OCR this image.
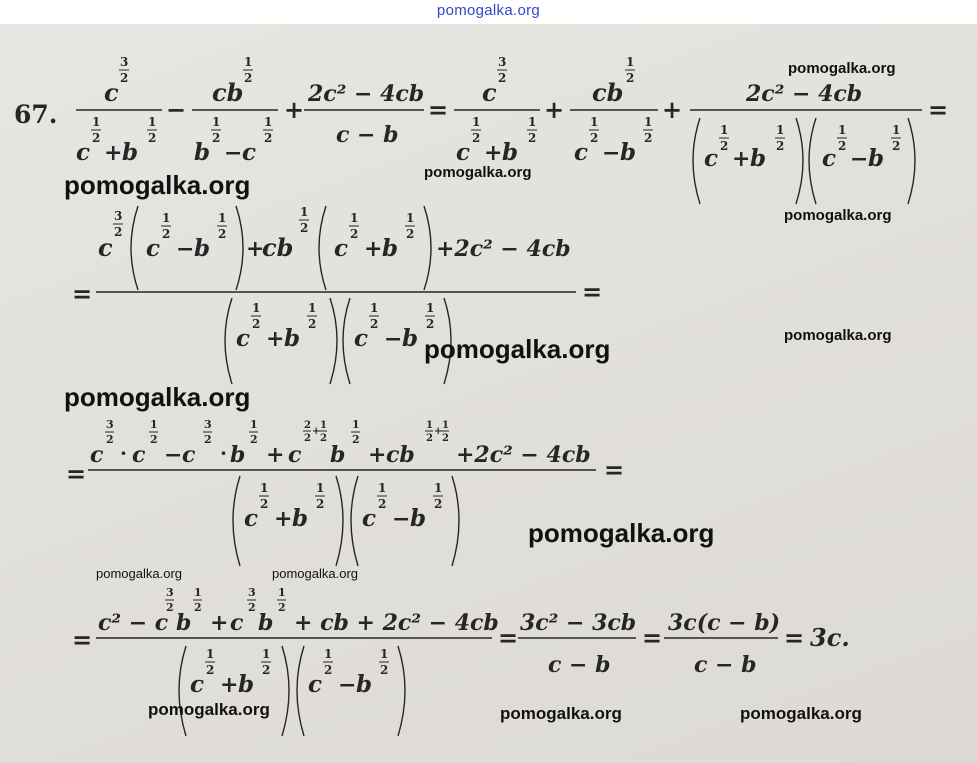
pomogalka.org
67.
c
3
2
c
1
2
+ b
1
2
−
cb
1
2
b
1
2
− c
1
2
+
2c² − 4cb
c − b
=
c
3
2
c
1
2
+ b
1
2
+
cb
1
2
c
1
2
− b
1
2
+
2c² − 4cb
c
1
2 + b
1
2 c
1
2 − b
1
2
=
=
c
3
2
c
1
2
− b
1
2
+
cb
1
2
c
1
2
+ b
1
2
+2c² − 4cb
c
1
2
+ b
1
2
c
1
2
− b
1
2
=
=
c
3
2
· c
1
2
− c
3
2
· b
1
2
+ c
2
2
+
1
2
b
1
2
+ cb
1
2
+
1
2
+2c² − 4cb
c
1
2
+ b
1
2
c
1
2
− b
1
2
=
=
c² − c
3
2
b
1
2
+ c
3
2
b
1
2
+ cb + 2c² − 4cb
c
1
2
+ b
1
2
c
1
2
− b
1
2
= 3c² − 3cb
c − b
= 3c(c − b)
c − b
= 3c.
pomogalka.org
pomogalka.org	pomogalka.org
pomogalka.org
pomogalka.org
pomogalka.org
pomogalka.org
pomogalka.org
pomogalka.org	pomogalka.org
pomogalka.org	pomogalka.org	pomogalka.org
